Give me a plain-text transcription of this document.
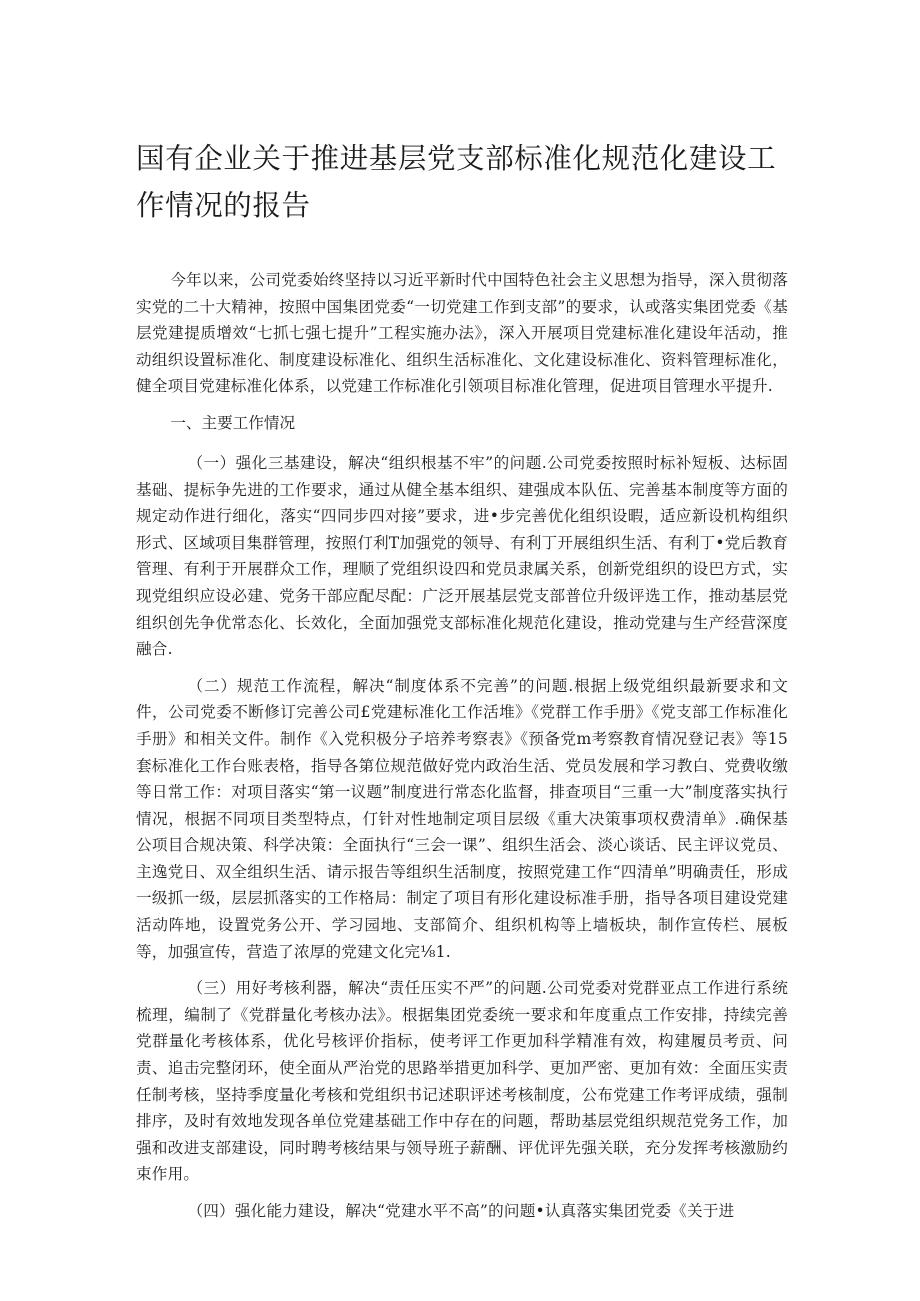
国有企业关于推进基层党支部标准化规范化建设工作情况的报告

今年以来，公司党委始终坚持以习近平新时代中国特色社会主义思想为指导，深入贯彻落实党的二十大精神，按照中国集团党委“一切党建工作到支部”的要求，认或落实集团党委《基层党建提质增效“七抓七强七提升”工程实施办法》，深入开展项目党建标准化建设年活动，推动组织设置标准化、制度建设标准化、组织生活标准化、文化建设标准化、资料管理标准化，健全项目党建标准化体系，以党建工作标准化引领项目标准化管理，促进项目管理水平提升.

一、主要工作情况

（一）强化三基建设，解决“组织根基不牢”的问题.公司党委按照时标补短板、达标固基础、提标争先进的工作要求，通过从健全基本组织、建强成本队伍、完善基本制度等方面的规定动作进行细化，落实“四同步四对接”要求，进•步完善优化组织设暇，适应新设机构组织形式、区域项目集群管理，按照仃利T加强党的领导、有利丁开展组织生活、有利丁•党后教育管理、有利于开展群众工作，理顺了党组织设四和党员隶属关系，创新党组织的设巴方式，实现党组织应设必建、党务干部应配尽配：广泛开展基层党支部普位升级评选工作，推动基层党组织创先争优常态化、长效化，全面加强党支部标准化规范化建设，推动党建与生产经营深度融合.

（二）规范工作流程，解决“制度体系不完善”的问题.根据上级党组织最新要求和文件，公司党委不断修订完善公司£党建标准化工作活堆》《党群工作手册》《党支部工作标准化手册》和相关文件。制作《入党积极分子培养考察表》《预备党m考察教育情况登记表》等15套标准化工作台账表格，指导各第位规范做好党内政治生活、党员发展和学习教白、党费收缴等日常工作：对项目落实“第一议题”制度进行常态化监督，排查项目“三重一大”制度落实执行情况，根据不同项目类型特点，仃针对性地制定项目层级《重大决策事项权费清单》.确保基公项目合规决策、科学决策：全面执行“三会一课”、组织生活会、淡心谈话、民主评议党员、主逸党日、双全组织生活、请示报告等组织生活制度，按照党建工作“四清单”明确责任，形成一级抓一级，层层抓落实的工作格局：制定了项目有形化建设标准手册，指导各项目建设党建活动阵地，设置党务公开、学习园地、支部简介、组织机构等上墙板块，制作宣传栏、展板等，加强宣传，营造了浓厚的党建文化完⅛1.

（三）用好考核利器，解决“责任压实不严”的问题.公司党委对党群亚点工作进行系统梳理，编制了《党群量化考核办法》。根据集团党委统一要求和年度重点工作安排，持续完善党群量化考核体系，优化号核评价指标，使考评工作更加科学精准有效，构建履员考贡、问责、追击完整闭环，使全面从严治党的思路举措更加科学、更加严密、更加有效：全面压实责任制考核，坚持季度量化考核和党组织书记述职评述考核制度，公布党建工作考评成绩，强制排序，及时有效地发现各单位党建基础工作中存在的问题，帮助基层党组织规范党务工作，加强和改进支部建设，同时聘考核结果与领导班子薪酬、评优评先强关联，充分发挥考核激励约束作用。

（四）强化能力建设，解决“党建水平不高”的问题•认真落实集团党委《关于进
